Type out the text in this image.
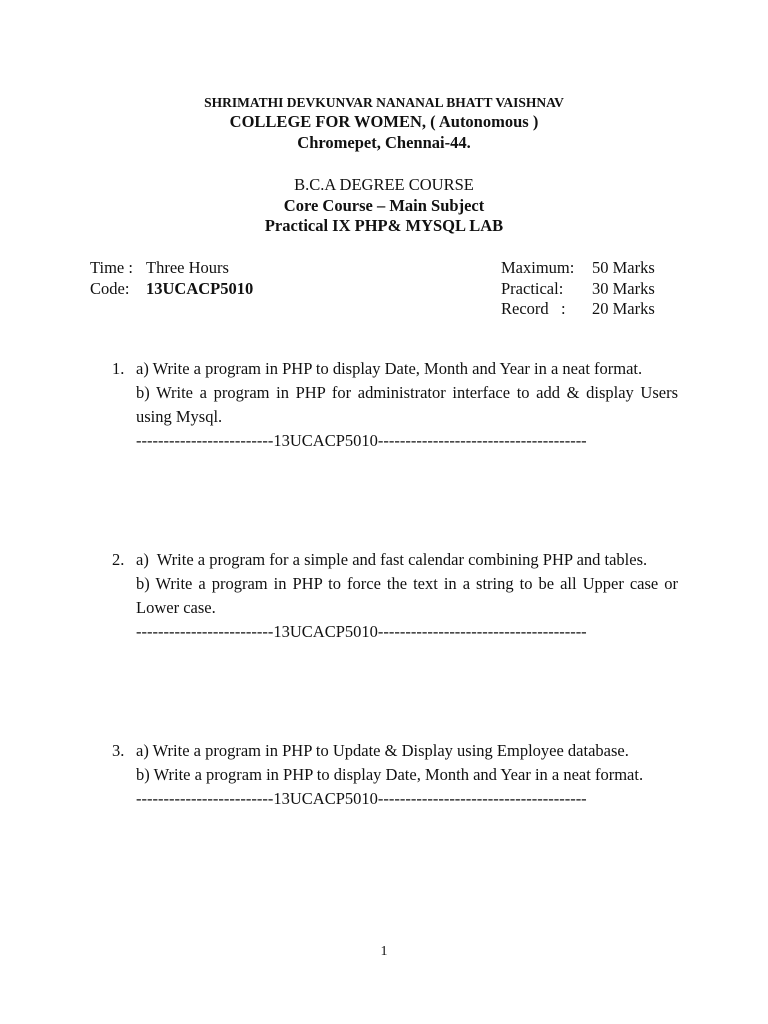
SHRIMATHI DEVKUNVAR NANANAL BHATT VAISHNAV
COLLEGE FOR WOMEN, ( Autonomous )
Chromepet, Chennai-44.
B.C.A DEGREE COURSE
Core Course – Main Subject
Practical IX PHP& MYSQL LAB
Time : Three Hours
Code: 13UCACP5010
Maximum: 50 Marks
Practical: 30 Marks
Record   : 20 Marks
1. a) Write a program in PHP to display Date, Month and Year in a neat format.
b) Write a program in PHP for administrator interface to add & display Users using Mysql.
-------------------------13UCACP5010--------------------------------------
2. a)  Write a program for a simple and fast calendar combining PHP and tables.
b) Write a program in PHP to force the text in a string to be all Upper case or Lower case.
-------------------------13UCACP5010--------------------------------------
3. a) Write a program in PHP to Update & Display using Employee database.
b) Write a program in PHP to display Date, Month and Year in a neat format.
-------------------------13UCACP5010--------------------------------------
1
